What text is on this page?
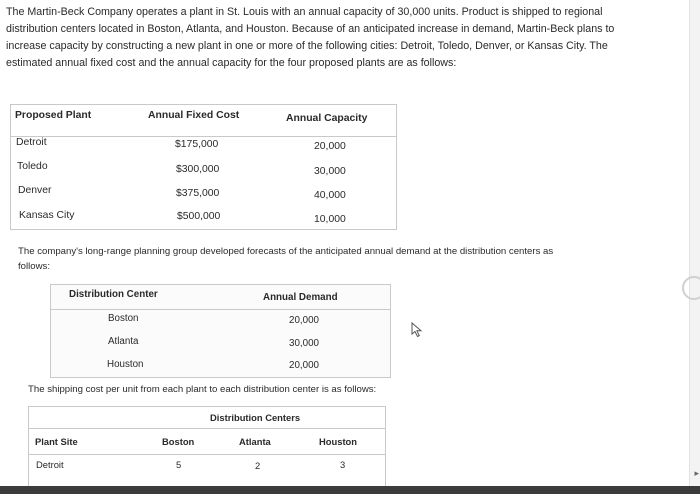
The Martin-Beck Company operates a plant in St. Louis with an annual capacity of 30,000 units. Product is shipped to regional
distribution centers located in Boston, Atlanta, and Houston. Because of an anticipated increase in demand, Martin-Beck plans to
increase capacity by constructing a new plant in one or more of the following cities: Detroit, Toledo, Denver, or Kansas City. The
estimated annual fixed cost and the annual capacity for the four proposed plants are as follows:
Proposed Plant	Annual Fixed Cost	Annual Capacity
Detroit	$175,000	20,000
Toledo	$300,000	30,000
Denver	$375,000	40,000
Kansas City	$500,000	10,000
The company's long-range planning group developed forecasts of the anticipated annual demand at the distribution centers as
follows:
Distribution Center	Annual Demand
Boston	20,000
Atlanta	30,000
Houston	20,000
The shipping cost per unit from each plant to each distribution center is as follows:
Distribution Centers
Plant Site	Boston	Atlanta	Houston
Detroit	5	2	3
▸
